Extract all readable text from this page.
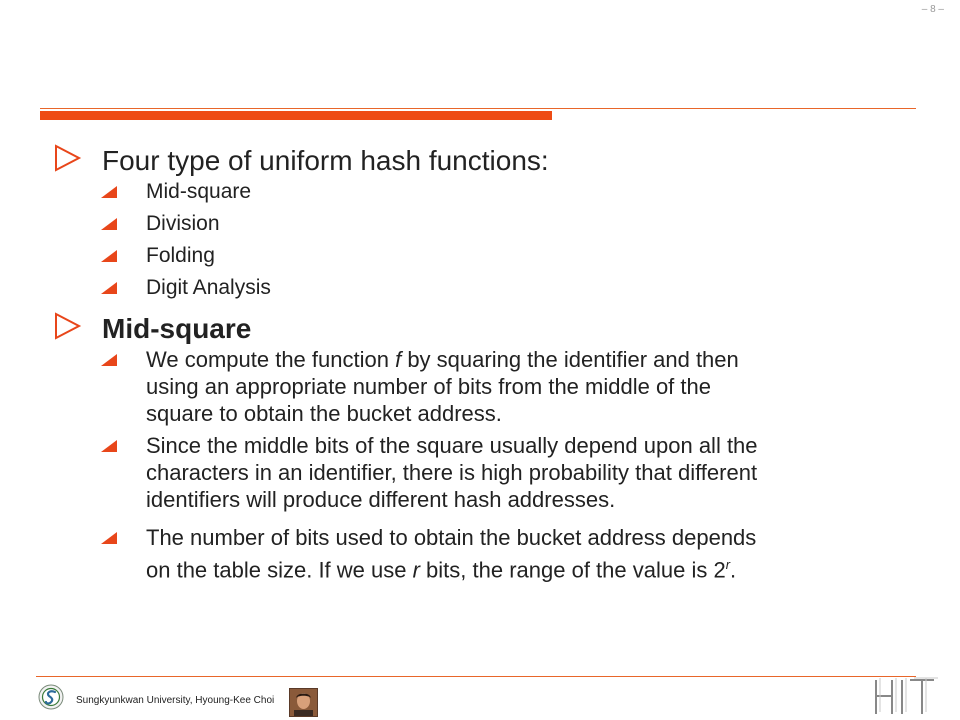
– 8 –
Four type of uniform hash functions:
Mid-square
Division
Folding
Digit Analysis
Mid-square
We compute the function f by squaring the identifier and then
using an appropriate number of bits from the middle of the
square to obtain the bucket address.
Since the middle bits of the square usually depend upon all the
characters in an identifier, there is high probability that different
identifiers will produce different hash addresses.
The number of bits used to obtain the bucket address depends
on the table size. If we use r bits, the range of the value is 2$^r$.
Sungkyunkwan University, Hyoung-Kee Choi
